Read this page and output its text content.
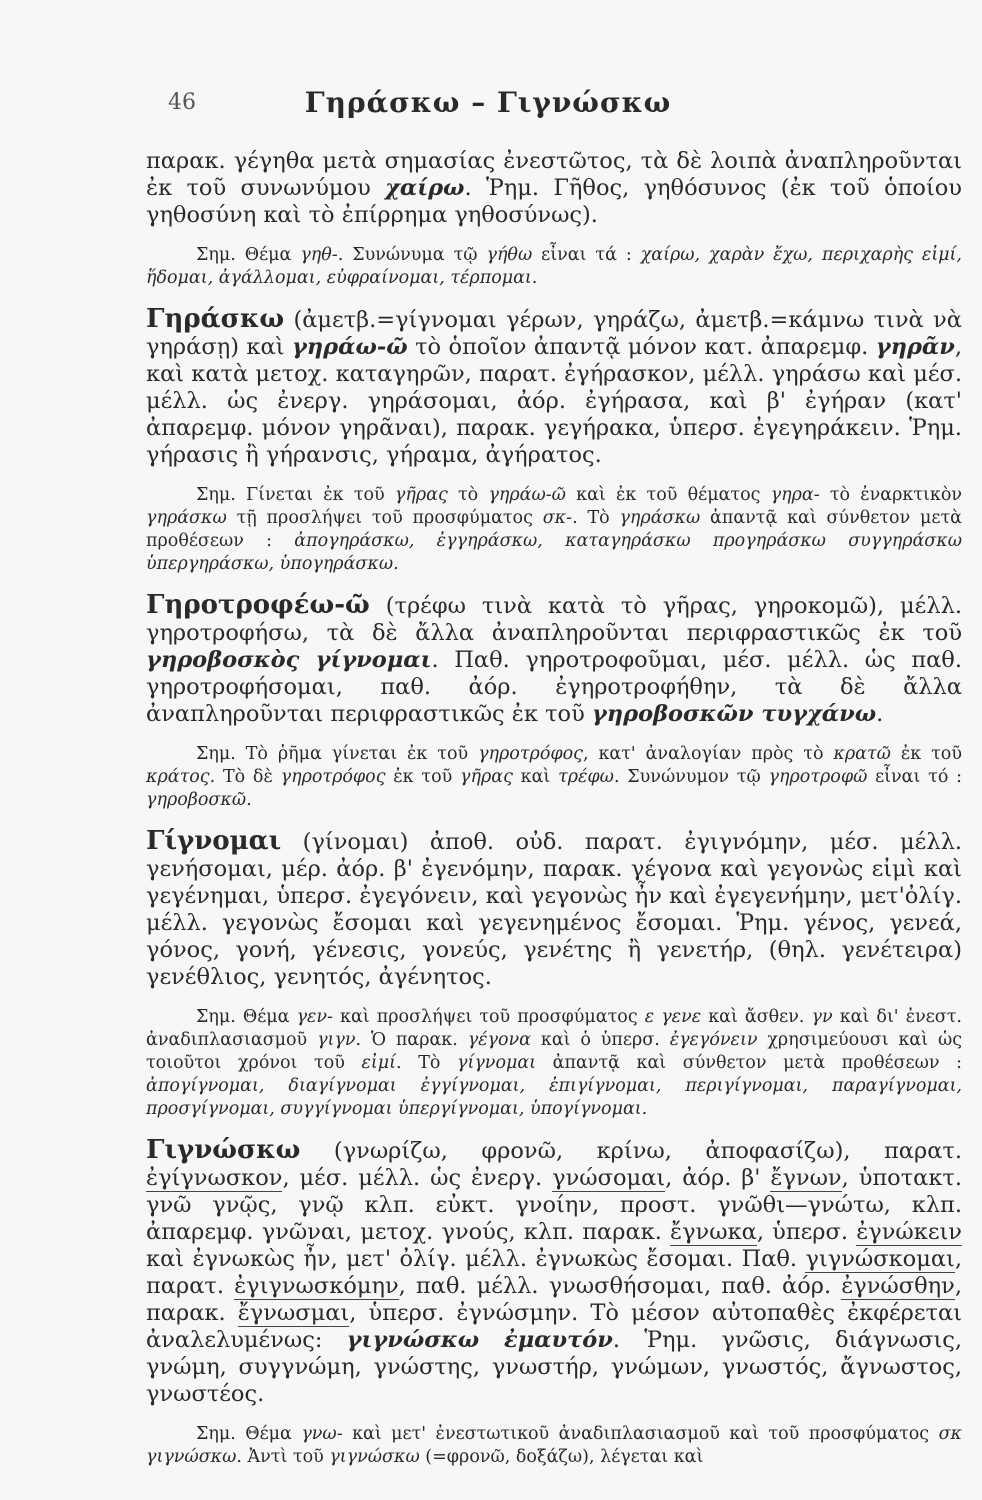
46	Γηράσκω – Γιγνώσκω

παρακ. γέγηθα μετὰ σημασίας ἐνεστῶτος, τὰ δὲ λοιπὰ ἀναπληροῦνται ἐκ τοῦ συνωνύμου χαίρω. Ῥημ. Γῆθος, γηθόσυνος (ἐκ τοῦ ὁποίου γηθοσύνη καὶ τὸ ἐπίρρημα γηθοσύνως).

Σημ. Θέμα γηθ-. Συνώνυμα τῷ γήθω εἶναι τά : χαίρω, χαρὰν ἔχω, περιχαρὴς εἰμί, ἥδομαι, ἀγάλλομαι, εὐφραίνομαι, τέρπομαι.

Γηράσκω (ἀμετβ.=γίγνομαι γέρων, γηράζω, ἀμετβ.=κάμνω τινὰ νὰ γηράσῃ) καὶ γηράω-ῶ τὸ ὁποῖον ἀπαντᾷ μόνον κατ. ἀπαρεμφ. γηρᾶν, καὶ κατὰ μετοχ. καταγηρῶν, παρατ. ἐγήρασκον, μέλλ. γηράσω καὶ μέσ. μέλλ. ὡς ἐνεργ. γηράσομαι, ἀόρ. ἐγήρασα, καὶ β' ἐγήραν (κατ' ἀπαρεμφ. μόνον γηρᾶναι), παρακ. γεγήρακα, ὑπερσ. ἐγεγηράκειν. Ῥημ. γήρασις ἢ γήρανσις, γήραμα, ἀγήρατος.

Σημ. Γίνεται ἐκ τοῦ γῆρας τὸ γηράω-ῶ καὶ ἐκ τοῦ θέματος γηρα- τὸ ἐναρκτικὸν γηράσκω τῇ προσλήψει τοῦ προσφύματος σκ-. Τὸ γηράσκω ἀπαντᾷ καὶ σύνθετον μετὰ προθέσεων : ἀπογηράσκω, ἐγγηράσκω, καταγηράσκω προγηράσκω συγγηράσκω ὑπεργηράσκω, ὑπογηράσκω.

Γηροτροφέω-ῶ (τρέφω τινὰ κατὰ τὸ γῆρας, γηροκομῶ), μέλλ. γηροτροφήσω, τὰ δὲ ἄλλα ἀναπληροῦνται περιφραστικῶς ἐκ τοῦ γηροβοσκὸς γίγνομαι. Παθ. γηροτροφοῦμαι, μέσ. μέλλ. ὡς παθ. γηροτροφήσομαι, παθ. ἀόρ. ἐγηροτροφήθην, τὰ δὲ ἄλλα ἀναπληροῦνται περιφραστικῶς ἐκ τοῦ γηροβοσκῶν τυγχάνω.

Σημ. Τὸ ῥῆμα γίνεται ἐκ τοῦ γηροτρόφος, κατ' ἀναλογίαν πρὸς τὸ κρατῶ ἐκ τοῦ κράτος. Τὸ δὲ γηροτρόφος ἐκ τοῦ γῆρας καὶ τρέφω. Συνώνυμον τῷ γηροτροφῶ εἶναι τό : γηροβοσκῶ.

Γίγνομαι (γίνομαι) ἀποθ. οὐδ. παρατ. ἐγιγνόμην, μέσ. μέλλ. γενήσομαι, μέρ. ἀόρ. β' ἐγενόμην, παρακ. γέγονα καὶ γεγονὼς εἰμὶ καὶ γεγένημαι, ὑπερσ. ἐγεγόνειν, καὶ γεγονὼς ἦν καὶ ἐγεγενήμην, μετ'ὀλίγ. μέλλ. γεγονὼς ἔσομαι καὶ γεγενημένος ἔσομαι. Ῥημ. γένος, γενεά, γόνος, γονή, γένεσις, γονεύς, γενέτης ἢ γενετήρ, (θηλ. γενέτειρα) γενέθλιος, γενητός, ἀγένητος.

Σημ. Θέμα γεν- καὶ προσλήψει τοῦ προσφύματος ε γενε καὶ ἄσθεν. γν καὶ δι' ἐνεστ. ἀναδιπλασιασμοῦ γιγν. Ὁ παρακ. γέγονα καὶ ὁ ὑπερσ. ἐγεγόνειν χρησιμεύουσι καὶ ὡς τοιοῦτοι χρόνοι τοῦ εἰμί. Τὸ γίγνομαι ἀπαντᾷ καὶ σύνθετον μετὰ προθέσεων : ἀπογίγνομαι, διαγίγνομαι ἐγγίγνομαι, ἐπιγίγνομαι, περιγίγνομαι, παραγίγνομαι, προσγίγνομαι, συγγίγνομαι ὑπεργίγνομαι, ὑπογίγνομαι.

Γιγνώσκω (γνωρίζω, φρονῶ, κρίνω, ἀποφασίζω), παρατ. ἐγίγνωσκον, μέσ. μέλλ. ὡς ἐνεργ. γνώσομαι, ἀόρ. β' ἔγνων, ὑποτακτ. γνῶ γνῷς, γνῷ κλπ. εὐκτ. γνοίην, προστ. γνῶθι—γνώτω, κλπ. ἀπαρεμφ. γνῶναι, μετοχ. γνούς, κλπ. παρακ. ἔγνωκα, ὑπερσ. ἐγνώκειν καὶ ἐγνωκὼς ἦν, μετ' ὀλίγ. μέλλ. ἐγνωκὼς ἔσομαι. Παθ. γιγνώσκομαι, παρατ. ἐγιγνωσκόμην, παθ. μέλλ. γνωσθήσομαι, παθ. ἀόρ. ἐγνώσθην, παρακ. ἔγνωσμαι, ὑπερσ. ἐγνώσμην. Τὸ μέσον αὐτοπαθὲς ἐκφέρεται ἀναλελυμένως: γιγνώσκω ἐμαυτόν. Ῥημ. γνῶσις, διάγνωσις, γνώμη, συγγνώμη, γνώστης, γνωστήρ, γνώμων, γνωστός, ἄγνωστος, γνωστέος.

Σημ. Θέμα γνω- καὶ μετ' ἐνεστωτικοῦ ἀναδιπλασιασμοῦ καὶ τοῦ προσφύματος σκ γιγνώσκω. Ἀντὶ τοῦ γιγνώσκω (=φρονῶ, δοξάζω), λέγεται καὶ
